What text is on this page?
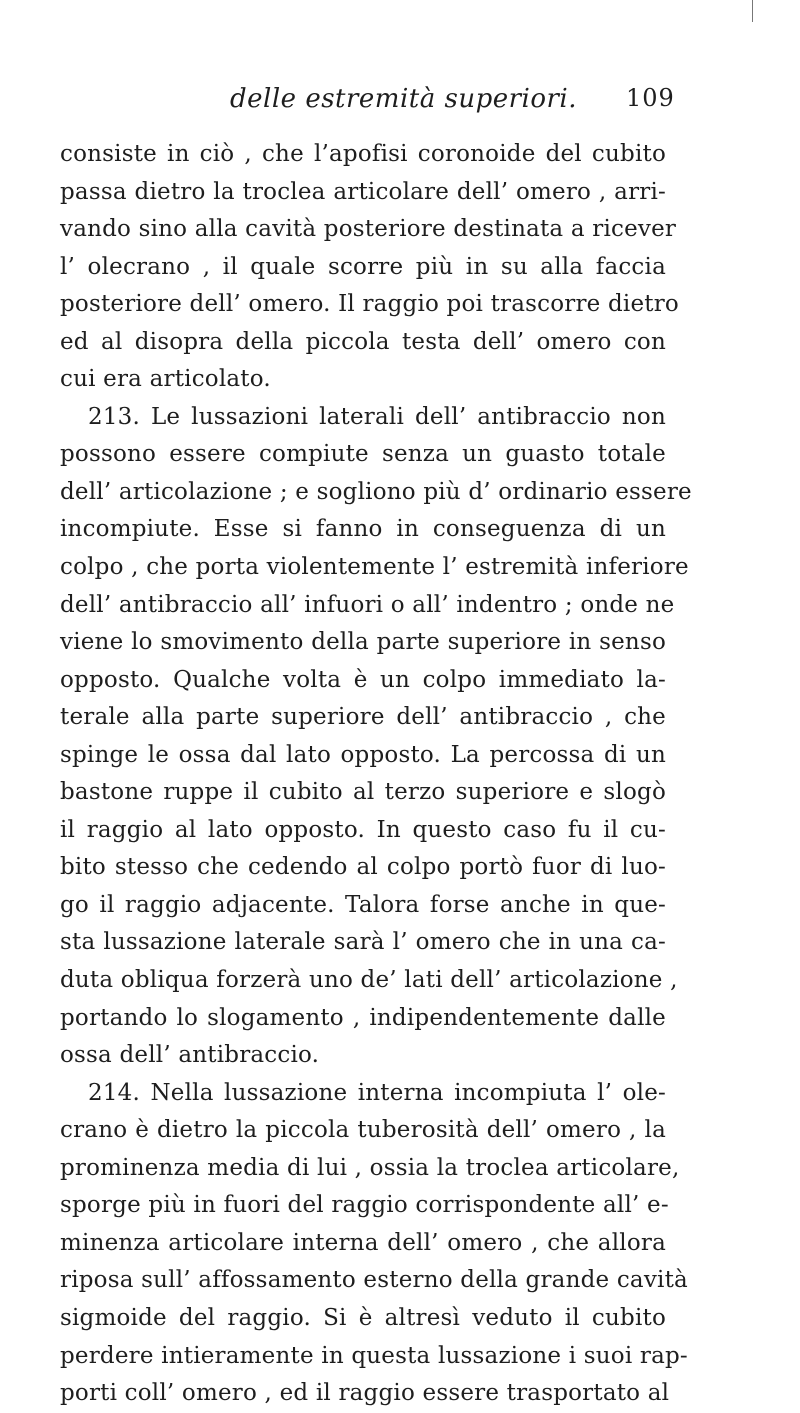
delle estremità superiori. 109
consiste in ciò , che l’apofisi coronoide del cubito
passa dietro la troclea articolare dell’ omero , arri-
vando sino alla cavità posteriore destinata a ricever
l’ olecrano , il quale scorre più in su alla faccia
posteriore dell’ omero. Il raggio poi trascorre dietro
ed al disopra della piccola testa dell’ omero con
cui era articolato.
213. Le lussazioni laterali dell’ antibraccio non
possono essere compiute senza un guasto totale
dell’ articolazione ; e sogliono più d’ ordinario essere
incompiute. Esse si fanno in conseguenza di un
colpo , che porta violentemente l’ estremità inferiore
dell’ antibraccio all’ infuori o all’ indentro ; onde ne
viene lo smovimento della parte superiore in senso
opposto. Qualche volta è un colpo immediato la-
terale alla parte superiore dell’ antibraccio , che
spinge le ossa dal lato opposto. La percossa di un
bastone ruppe il cubito al terzo superiore e slogò
il raggio al lato opposto. In questo caso fu il cu-
bito stesso che cedendo al colpo portò fuor di luo-
go il raggio adjacente. Talora forse anche in que-
sta lussazione laterale sarà l’ omero che in una ca-
duta obliqua forzerà uno de’ lati dell’ articolazione ,
portando lo slogamento , indipendentemente dalle
ossa dell’ antibraccio.
214. Nella lussazione interna incompiuta l’ ole-
crano è dietro la piccola tuberosità dell’ omero , la
prominenza media di lui , ossia la troclea articolare,
sporge più in fuori del raggio corrispondente all’ e-
minenza articolare interna dell’ omero , che allora
riposa sull’ affossamento esterno della grande cavità
sigmoide del raggio. Si è altresì veduto il cubito
perdere intieramente in questa lussazione i suoi rap-
porti coll’ omero , ed il raggio essere trasportato al
